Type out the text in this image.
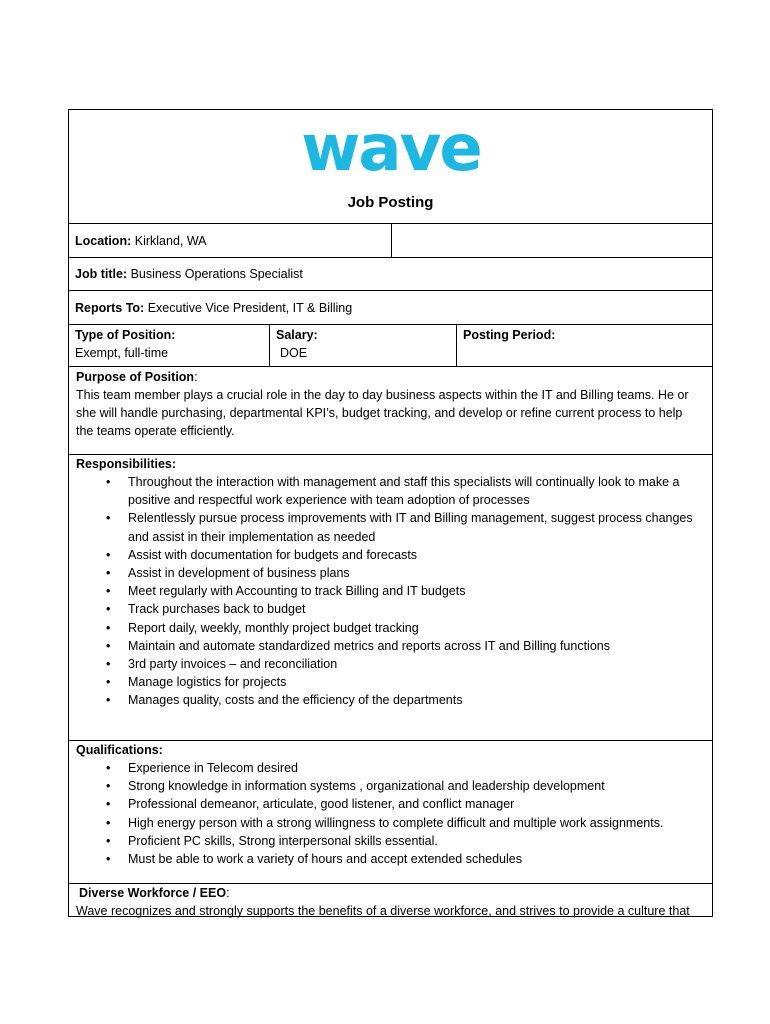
wave
Job Posting
Location: Kirkland, WA
Job title: Business Operations Specialist
Reports To: Executive Vice President, IT & Billing
Type of Position:
Exempt, full-time
Salary:
DOE
Posting Period:
Purpose of Position:
This team member plays a crucial role in the day to day business aspects within the IT and Billing teams. He or
she will handle purchasing, departmental KPI’s, budget tracking, and develop or refine current process to help
the teams operate efficiently.
Responsibilities:
• Throughout the interaction with management and staff this specialists will continually look to make a
positive and respectful work experience with team adoption of processes
• Relentlessly pursue process improvements with IT and Billing management, suggest process changes
and assist in their implementation as needed
• Assist with documentation for budgets and forecasts
• Assist in development of business plans
• Meet regularly with Accounting to track Billing and IT budgets
• Track purchases back to budget
• Report daily, weekly, monthly project budget tracking
• Maintain and automate standardized metrics and reports across IT and Billing functions
• 3rd party invoices – and reconciliation
• Manage logistics for projects
• Manages quality, costs and the efficiency of the departments
Qualifications:
• Experience in Telecom desired
• Strong knowledge in information systems , organizational and leadership development
• Professional demeanor, articulate, good listener, and conflict manager
• High energy person with a strong willingness to complete difficult and multiple work assignments.
• Proficient PC skills, Strong interpersonal skills essential.
• Must be able to work a variety of hours and accept extended schedules
Diverse Workforce / EEO:
Wave recognizes and strongly supports the benefits of a diverse workforce, and strives to provide a culture that
